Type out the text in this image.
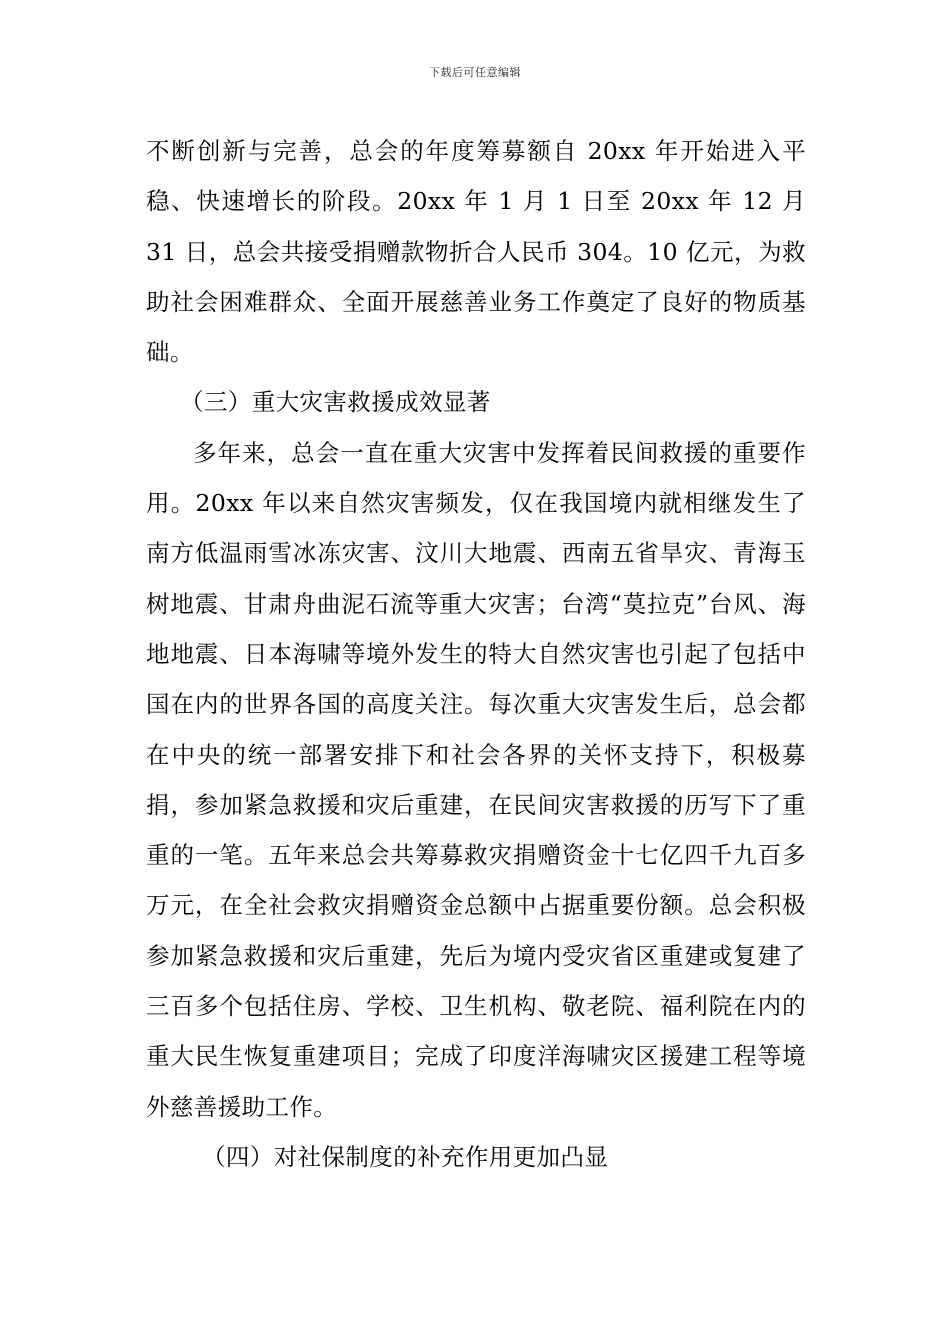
下载后可任意编辑

不断创新与完善，总会的年度筹募额自 20xx 年开始进入平稳、快速增长的阶段。20xx 年 1 月 1 日至 20xx 年 12 月 31 日，总会共接受捐赠款物折合人民币 304。10 亿元，为救助社会困难群众、全面开展慈善业务工作奠定了良好的物质基础。

（三）重大灾害救援成效显著

多年来，总会一直在重大灾害中发挥着民间救援的重要作用。20xx 年以来自然灾害频发，仅在我国境内就相继发生了南方低温雨雪冰冻灾害、汶川大地震、西南五省旱灾、青海玉树地震、甘肃舟曲泥石流等重大灾害；台湾“莫拉克”台风、海地地震、日本海啸等境外发生的特大自然灾害也引起了包括中国在内的世界各国的高度关注。每次重大灾害发生后，总会都在中央的统一部署安排下和社会各界的关怀支持下，积极募捐，参加紧急救援和灾后重建，在民间灾害救援的历写下了重重的一笔。五年来总会共筹募救灾捐赠资金十七亿四千九百多万元，在全社会救灾捐赠资金总额中占据重要份额。总会积极参加紧急救援和灾后重建，先后为境内受灾省区重建或复建了三百多个包括住房、学校、卫生机构、敬老院、福利院在内的重大民生恢复重建项目；完成了印度洋海啸灾区援建工程等境外慈善援助工作。

（四）对社保制度的补充作用更加凸显
